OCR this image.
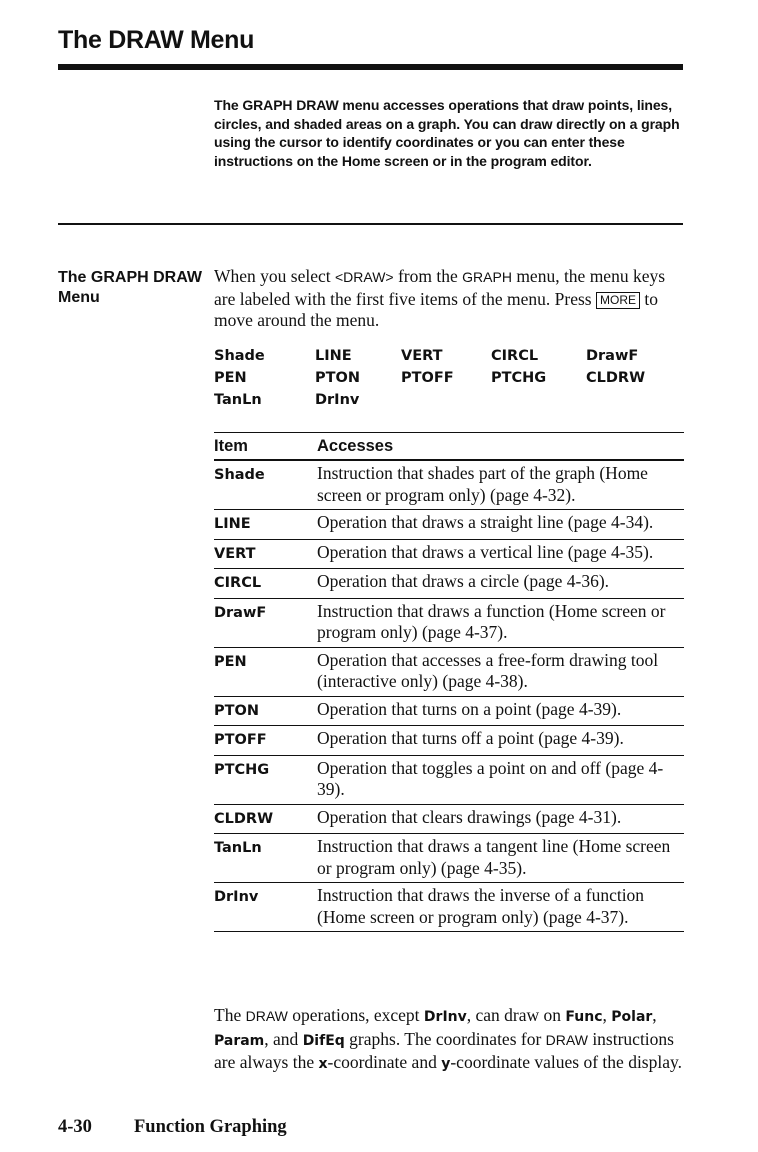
The DRAW Menu

The GRAPH DRAW menu accesses operations that draw points, lines, circles, and shaded areas on a graph. You can draw directly on a graph using the cursor to identify coordinates or you can enter these instructions on the Home screen or in the program editor.

The GRAPH DRAW
Menu

When you select <DRAW> from the GRAPH menu, the menu keys are labeled with the first five items of the menu. Press MORE to move around the menu.

Shade	LINE	VERT	CIRCL	DrawF
PEN	PTON	PTOFF	PTCHG	CLDRW
TanLn	DrInv
Item	Accesses
Shade	Instruction that shades part of the graph (Home screen or program only) (page 4-32).
LINE	Operation that draws a straight line (page 4-34).
VERT	Operation that draws a vertical line (page 4-35).
CIRCL	Operation that draws a circle (page 4-36).
DrawF	Instruction that draws a function (Home screen or program only) (page 4-37).
PEN	Operation that accesses a free-form drawing tool (interactive only) (page 4-38).
PTON	Operation that turns on a point (page 4-39).
PTOFF	Operation that turns off a point (page 4-39).
PTCHG	Operation that toggles a point on and off (page 4-39).
CLDRW	Operation that clears drawings (page 4-31).
TanLn	Instruction that draws a tangent line (Home screen or program only) (page 4-35).
DrInv	Instruction that draws the inverse of a function (Home screen or program only) (page 4-37).

The DRAW operations, except DrInv, can draw on Func, Polar, Param, and DifEq graphs. The coordinates for DRAW instructions are always the x-coordinate and y-coordinate values of the display.

4-30 Function Graphing
